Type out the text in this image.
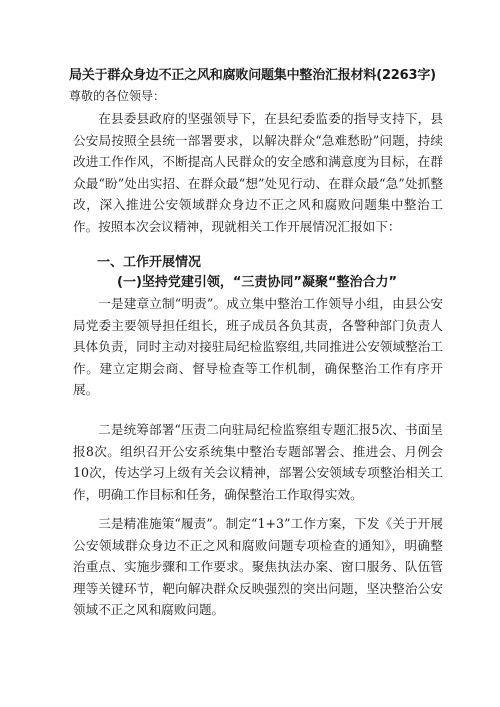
局关于群众身边不正之风和腐败问题集中整治汇报材料(2263字)
尊敬的各位领导：

在县委县政府的坚强领导下，在县纪委监委的指导支持下，县公安局按照全县统一部署要求，以解决群众“急难愁盼”问题，持续改进工作作风，不断提高人民群众的安全感和满意度为目标，在群众最“盼”处出实招、在群众最“想”处见行动、在群众最“急”处抓整改，深入推进公安领域群众身边不正之风和腐败问题集中整治工作。按照本次会议精神，现就相关工作开展情况汇报如下：

一、工作开展情况
(一)坚持党建引领，“三责协同”凝聚“整治合力”

一是建章立制“明责”。成立集中整治工作领导小组，由县公安局党委主要领导担任组长，班子成员各负其责，各警种部门负责人具体负责，同时主动对接驻局纪检监察组,共同推进公安领域整治工作。建立定期会商、督导检查等工作机制，确保整治工作有序开展。

二是统筹部署“压责二向驻局纪检监察组专题汇报5次、书面呈报8次。组织召开公安系统集中整治专题部署会、推进会、月例会10次，传达学习上级有关会议精神，部署公安领域专项整治相关工作，明确工作目标和任务，确保整治工作取得实效。

三是精准施策“履责”。制定“1+3”工作方案，下发《关于开展公安领域群众身边不正之风和腐败问题专项检查的通知》，明确整治重点、实施步骤和工作要求。聚焦执法办案、窗口服务、队伍管理等关键环节，靶向解决群众反映强烈的突出问题，坚决整治公安领域不正之风和腐败问题。
